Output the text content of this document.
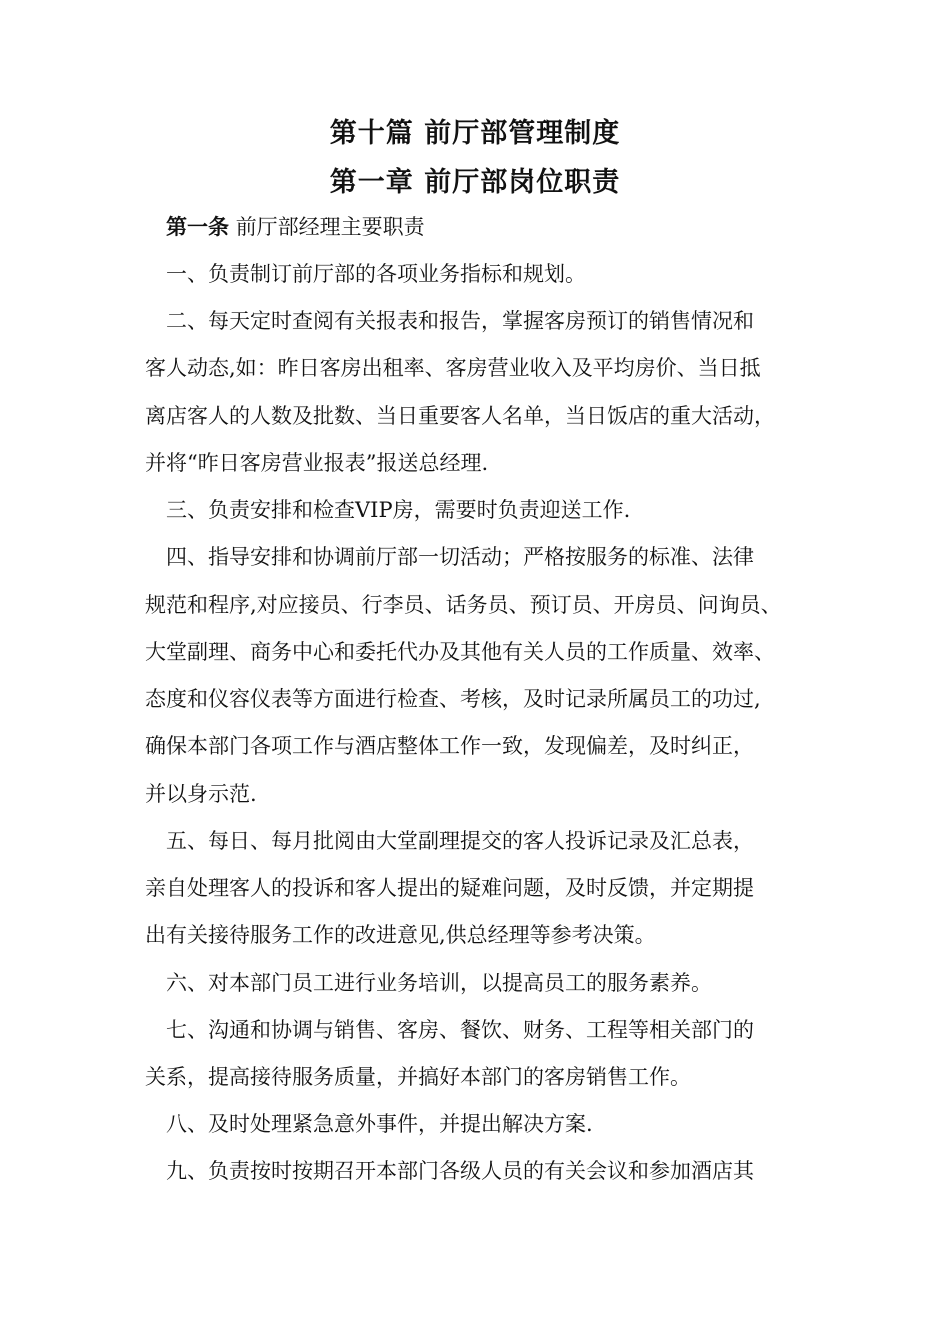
第十篇 前厅部管理制度
第一章 前厅部岗位职责
第一条 前厅部经理主要职责
一、负责制订前厅部的各项业务指标和规划。
二、每天定时查阅有关报表和报告，掌握客房预订的销售情况和
客人动态,如：昨日客房出租率、客房营业收入及平均房价、当日抵
离店客人的人数及批数、当日重要客人名单，当日饭店的重大活动，
并将“昨日客房营业报表”报送总经理.
三、负责安排和检查VIP房，需要时负责迎送工作.
四、指导安排和协调前厅部一切活动；严格按服务的标准、法律
规范和程序,对应接员、行李员、话务员、预订员、开房员、问询员、
大堂副理、商务中心和委托代办及其他有关人员的工作质量、效率、
态度和仪容仪表等方面进行检查、考核，及时记录所属员工的功过,
确保本部门各项工作与酒店整体工作一致，发现偏差，及时纠正，
并以身示范.
五、每日、每月批阅由大堂副理提交的客人投诉记录及汇总表，
亲自处理客人的投诉和客人提出的疑难问题，及时反馈，并定期提
出有关接待服务工作的改进意见,供总经理等参考决策。
六、对本部门员工进行业务培训，以提高员工的服务素养。
七、沟通和协调与销售、客房、餐饮、财务、工程等相关部门的
关系，提高接待服务质量，并搞好本部门的客房销售工作。
八、及时处理紧急意外事件，并提出解决方案.
九、负责按时按期召开本部门各级人员的有关会议和参加酒店其
